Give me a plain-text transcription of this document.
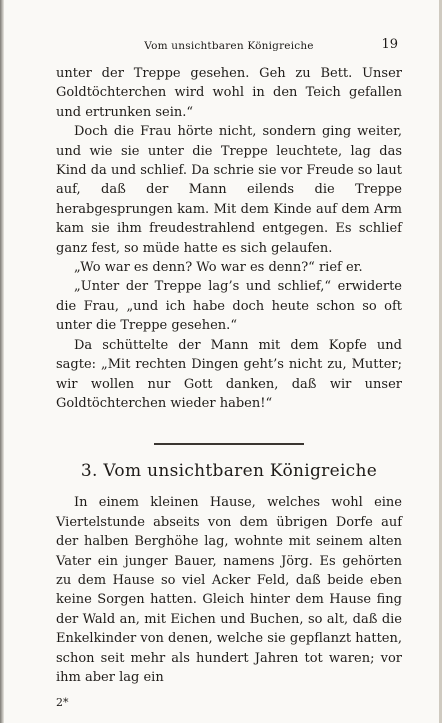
Vom unsichtbaren Königreiche	19

unter der Treppe gesehen. Geh zu Bett. Unser Goldtöchterchen wird wohl in den Teich gefallen und ertrunken sein.“

Doch die Frau hörte nicht, sondern ging weiter, und wie sie unter die Treppe leuchtete, lag das Kind da und schlief. Da schrie sie vor Freude so laut auf, daß der Mann eilends die Treppe herabgesprungen kam. Mit dem Kinde auf dem Arm kam sie ihm freudestrahlend entgegen. Es schlief ganz fest, so müde hatte es sich gelaufen.

„Wo war es denn? Wo war es denn?“ rief er.

„Unter der Treppe lag’s und schlief,“ erwiderte die Frau, „und ich habe doch heute schon so oft unter die Treppe gesehen.“

Da schüttelte der Mann mit dem Kopfe und sagte: „Mit rechten Dingen geht’s nicht zu, Mutter; wir wollen nur Gott danken, daß wir unser Goldtöchterchen wieder haben!“

3. Vom unsichtbaren Königreiche

In einem kleinen Hause, welches wohl eine Viertelstunde abseits von dem übrigen Dorfe auf der halben Berghöhe lag, wohnte mit seinem alten Vater ein junger Bauer, namens Jörg. Es gehörten zu dem Hause so viel Acker Feld, daß beide eben keine Sorgen hatten. Gleich hinter dem Hause fing der Wald an, mit Eichen und Buchen, so alt, daß die Enkelkinder von denen, welche sie gepflanzt hatten, schon seit mehr als hundert Jahren tot waren; vor ihm aber lag ein

2*
